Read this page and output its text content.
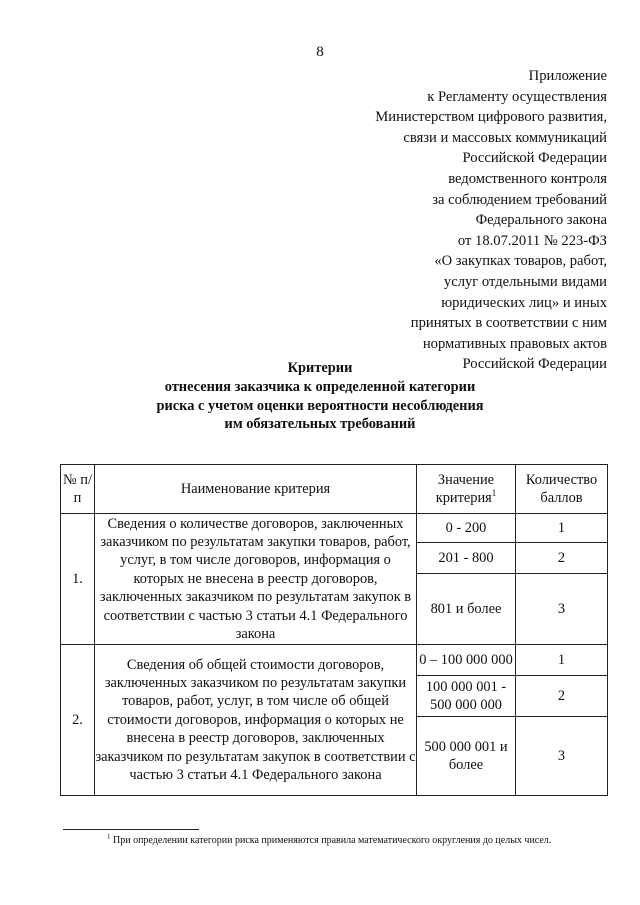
8
Приложение
к Регламенту осуществления
Министерством цифрового развития,
связи и массовых коммуникаций
Российской Федерации
ведомственного контроля
за соблюдением требований
Федерального закона
от 18.07.2011 № 223-ФЗ
«О закупках товаров, работ,
услуг отдельными видами
юридических лиц» и иных
принятых в соответствии с ним
нормативных правовых актов
Российской Федерации
Критерии
отнесения заказчика к определенной категории
риска с учетом оценки вероятности несоблюдения
им обязательных требований
№ п/п	Наименование критерия	Значение критерия$^1$	Количество баллов
1.	Сведения о количестве договоров, заключенных заказчиком по результатам закупки товаров, работ, услуг, в том числе договоров, информация о которых не внесена в реестр договоров, заключенных заказчиком по результатам закупок в соответствии с частью 3 статьи 4.1 Федерального закона	0 - 200	1
		201 - 800	2
		801 и более	3
2.	Сведения об общей стоимости договоров, заключенных заказчиком по результатам закупки товаров, работ, услуг, в том числе об общей стоимости договоров, информация о которых не внесена в реестр договоров, заключенных заказчиком по результатам закупок в соответствии с частью 3 статьи 4.1 Федерального закона	0 – 100 000 000	1
		100 000 001 - 500 000 000	2
		500 000 001 и более	3
$^1$ При определении категории риска применяются правила математического округления до целых чисел.
